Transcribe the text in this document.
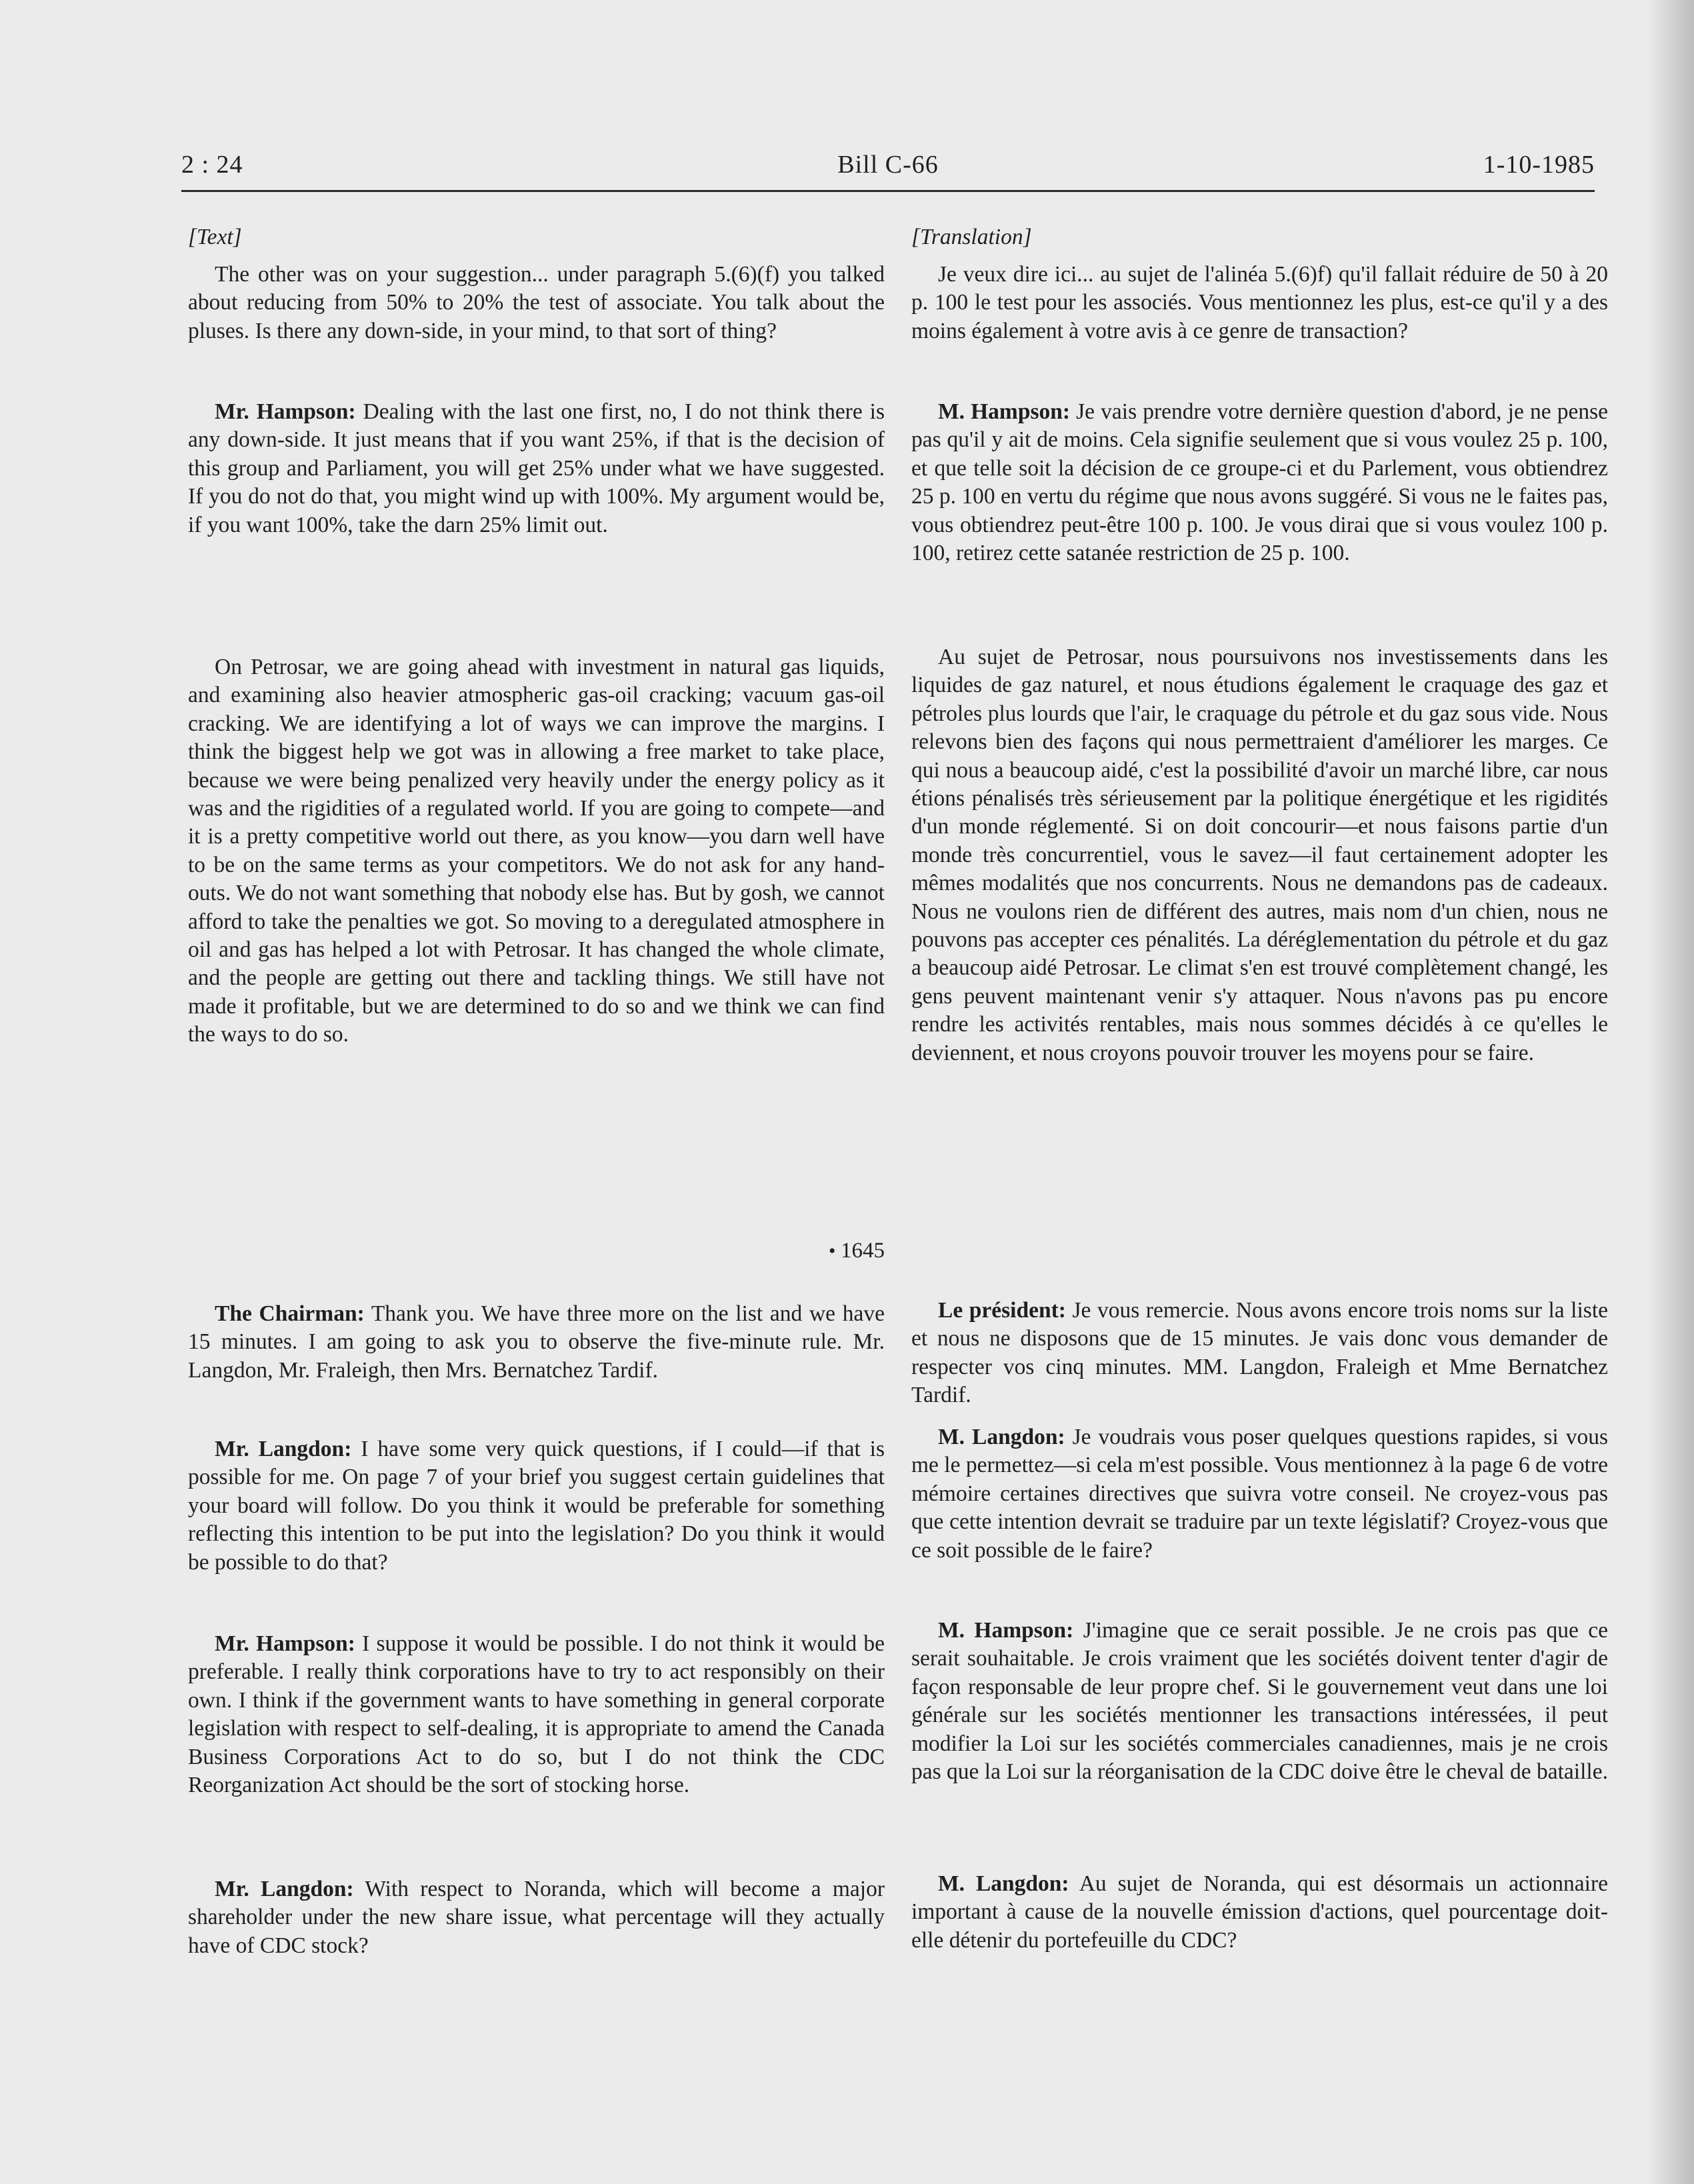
Bill C-66
2 : 24	1-10-1985

[Text]

The other was on your suggestion... under paragraph 5.(6)(f) you talked about reducing from 50% to 20% the test of associate. You talk about the pluses. Is there any down-side, in your mind, to that sort of thing?

Mr. Hampson: Dealing with the last one first, no, I do not think there is any down-side. It just means that if you want 25%, if that is the decision of this group and Parliament, you will get 25% under what we have suggested. If you do not do that, you might wind up with 100%. My argument would be, if you want 100%, take the darn 25% limit out.

On Petrosar, we are going ahead with investment in natural gas liquids, and examining also heavier atmospheric gas-oil cracking; vacuum gas-oil cracking. We are identifying a lot of ways we can improve the margins. I think the biggest help we got was in allowing a free market to take place, because we were being penalized very heavily under the energy policy as it was and the rigidities of a regulated world. If you are going to compete—and it is a pretty competitive world out there, as you know—you darn well have to be on the same terms as your competitors. We do not ask for any hand-outs. We do not want something that nobody else has. But by gosh, we cannot afford to take the penalties we got. So moving to a deregulated atmosphere in oil and gas has helped a lot with Petrosar. It has changed the whole climate, and the people are getting out there and tackling things. We still have not made it profitable, but we are determined to do so and we think we can find the ways to do so.

• 1645

The Chairman: Thank you. We have three more on the list and we have 15 minutes. I am going to ask you to observe the five-minute rule. Mr. Langdon, Mr. Fraleigh, then Mrs. Bernatchez Tardif.

Mr. Langdon: I have some very quick questions, if I could—if that is possible for me. On page 7 of your brief you suggest certain guidelines that your board will follow. Do you think it would be preferable for something reflecting this intention to be put into the legislation? Do you think it would be possible to do that?

Mr. Hampson: I suppose it would be possible. I do not think it would be preferable. I really think corporations have to try to act responsibly on their own. I think if the government wants to have something in general corporate legislation with respect to self-dealing, it is appropriate to amend the Canada Business Corporations Act to do so, but I do not think the CDC Reorganization Act should be the sort of stocking horse.

Mr. Langdon: With respect to Noranda, which will become a major shareholder under the new share issue, what percentage will they actually have of CDC stock?

[Translation]

Je veux dire ici... au sujet de l'alinéa 5.(6)f) qu'il fallait réduire de 50 à 20 p. 100 le test pour les associés. Vous mentionnez les plus, est-ce qu'il y a des moins également à votre avis à ce genre de transaction?

M. Hampson: Je vais prendre votre dernière question d'abord, je ne pense pas qu'il y ait de moins. Cela signifie seulement que si vous voulez 25 p. 100, et que telle soit la décision de ce groupe-ci et du Parlement, vous obtiendrez 25 p. 100 en vertu du régime que nous avons suggéré. Si vous ne le faites pas, vous obtiendrez peut-être 100 p. 100. Je vous dirai que si vous voulez 100 p. 100, retirez cette satanée restriction de 25 p. 100.

Au sujet de Petrosar, nous poursuivons nos investissements dans les liquides de gaz naturel, et nous étudions également le craquage des gaz et pétroles plus lourds que l'air, le craquage du pétrole et du gaz sous vide. Nous relevons bien des façons qui nous permettraient d'améliorer les marges. Ce qui nous a beaucoup aidé, c'est la possibilité d'avoir un marché libre, car nous étions pénalisés très sérieusement par la politique énergétique et les rigidités d'un monde réglementé. Si on doit concourir—et nous faisons partie d'un monde très concurrentiel, vous le savez—il faut certainement adopter les mêmes modalités que nos concurrents. Nous ne demandons pas de cadeaux. Nous ne voulons rien de différent des autres, mais nom d'un chien, nous ne pouvons pas accepter ces pénalités. La déréglementation du pétrole et du gaz a beaucoup aidé Petrosar. Le climat s'en est trouvé complètement changé, les gens peuvent maintenant venir s'y attaquer. Nous n'avons pas pu encore rendre les activités rentables, mais nous sommes décidés à ce qu'elles le deviennent, et nous croyons pouvoir trouver les moyens pour se faire.

Le président: Je vous remercie. Nous avons encore trois noms sur la liste et nous ne disposons que de 15 minutes. Je vais donc vous demander de respecter vos cinq minutes. MM. Langdon, Fraleigh et Mme Bernatchez Tardif.

M. Langdon: Je voudrais vous poser quelques questions rapides, si vous me le permettez—si cela m'est possible. Vous mentionnez à la page 6 de votre mémoire certaines directives que suivra votre conseil. Ne croyez-vous pas que cette intention devrait se traduire par un texte législatif? Croyez-vous que ce soit possible de le faire?

M. Hampson: J'imagine que ce serait possible. Je ne crois pas que ce serait souhaitable. Je crois vraiment que les sociétés doivent tenter d'agir de façon responsable de leur propre chef. Si le gouvernement veut dans une loi générale sur les sociétés mentionner les transactions intéressées, il peut modifier la Loi sur les sociétés commerciales canadiennes, mais je ne crois pas que la Loi sur la réorganisation de la CDC doive être le cheval de bataille.

M. Langdon: Au sujet de Noranda, qui est désormais un actionnaire important à cause de la nouvelle émission d'actions, quel pourcentage doit-elle détenir du portefeuille du CDC?
